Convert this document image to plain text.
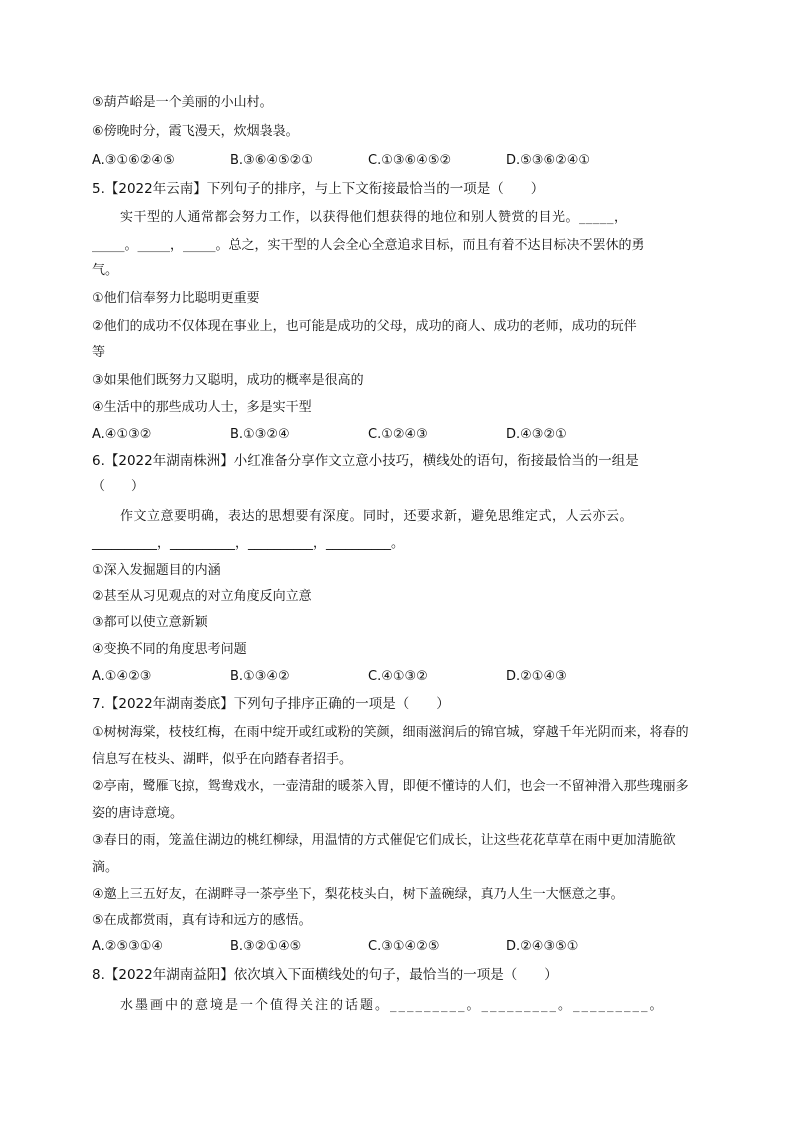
⑤葫芦峪是一个美丽的小山村。
⑥傍晚时分，霞飞漫天，炊烟袅袅。
A.③①⑥②④⑤	B.③⑥④⑤②①	C.①③⑥④⑤②	D.⑤③⑥②④①
5.【2022年云南】下列句子的排序，与上下文衔接最恰当的一项是（　　）
实干型的人通常都会努力工作，以获得他们想获得的地位和别人赞赏的目光。_____，
_____。_____，_____。总之，实干型的人会全心全意追求目标，而且有着不达目标决不罢休的勇
气。
①他们信奉努力比聪明更重要
②他们的成功不仅体现在事业上，也可能是成功的父母，成功的商人、成功的老师，成功的玩伴
等
③如果他们既努力又聪明，成功的概率是很高的
④生活中的那些成功人士，多是实干型
A.④①③②	B.①③②④	C.①②④③	D.④③②①
6.【2022年湖南株洲】小红准备分享作文立意小技巧，横线处的语句，衔接最恰当的一组是
（　　）
作文立意要明确，表达的思想要有深度。同时，还要求新，避免思维定式，人云亦云。
__________，__________，__________，__________。
①深入发掘题目的内涵
②甚至从习见观点的对立角度反向立意
③都可以使立意新颖
④变换不同的角度思考问题
A.①④②③	B.①③④②	C.④①③②	D.②①④③
7.【2022年湖南娄底】下列句子排序正确的一项是（　　）
①树树海棠，枝枝红梅，在雨中绽开或红或粉的笑颜，细雨滋润后的锦官城，穿越千年光阴而来，将春的
信息写在枝头、湖畔，似乎在向踏春者招手。
②亭南，鹭雁飞掠，鸳鸯戏水，一壶清甜的暖茶入胃，即便不懂诗的人们，也会一不留神滑入那些瑰丽多
姿的唐诗意境。
③春日的雨，笼盖住湖边的桃红柳绿，用温情的方式催促它们成长，让这些花花草草在雨中更加清脆欲
滴。
④邀上三五好友，在湖畔寻一茶亭坐下，梨花枝头白，树下盖碗绿，真乃人生一大惬意之事。
⑤在成都赏雨，真有诗和远方的感悟。
A.②⑤③①④	B.③②①④⑤	C.③①④②⑤	D.②④③⑤①
8.【2022年湖南益阳】依次填入下面横线处的句子，最恰当的一项是（　　）
水墨画中的意境是一个值得关注的话题。_________。_________。_________。
